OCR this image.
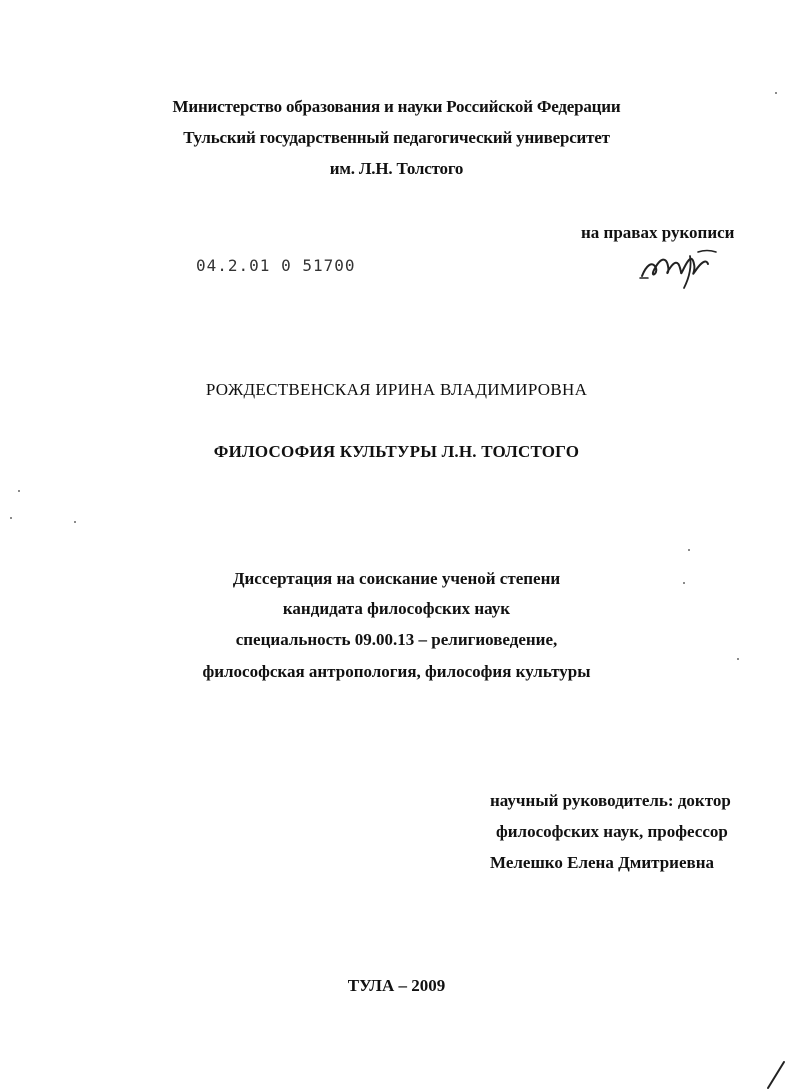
Министерство образования и науки Российской Федерации
Тульский государственный педагогический университет
им. Л.Н. Толстого
на правах рукописи
04.2.01 0 51700
РОЖДЕСТВЕНСКАЯ ИРИНА ВЛАДИМИРОВНА
ФИЛОСОФИЯ КУЛЬТУРЫ Л.Н. ТОЛСТОГО
Диссертация на соискание ученой степени
кандидата философских наук
специальность 09.00.13 – религиоведение,
философская антропология, философия культуры
научный руководитель: доктор
философских наук, профессор
Мелешко Елена Дмитриевна
ТУЛА – 2009
